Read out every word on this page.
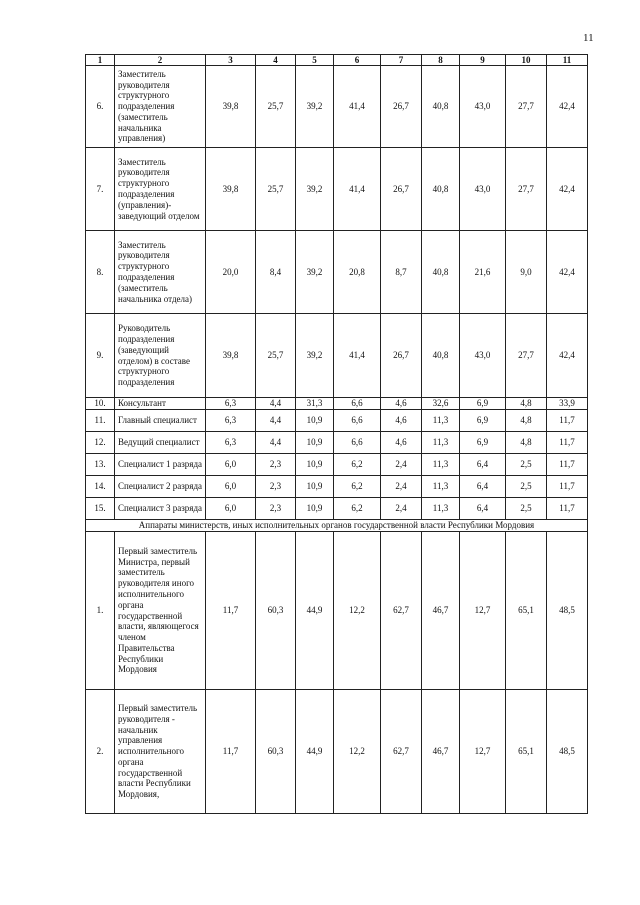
11
1	2	3	4	5	6	7	8	9	10	11
6.	Заместитель руководителя структурного подразделения (заместитель начальника управления)	39,8	25,7	39,2	41,4	26,7	40,8	43,0	27,7	42,4
7.	Заместитель руководителя структурного подразделения (управления)-заведующий отделом	39,8	25,7	39,2	41,4	26,7	40,8	43,0	27,7	42,4
8.	Заместитель руководителя структурного подразделения (заместитель начальника отдела)	20,0	8,4	39,2	20,8	8,7	40,8	21,6	9,0	42,4
9.	Руководитель подразделения (заведующий отделом) в составе структурного подразделения	39,8	25,7	39,2	41,4	26,7	40,8	43,0	27,7	42,4
10.	Консультант	6,3	4,4	31,3	6,6	4,6	32,6	6,9	4,8	33,9
11.	Главный специалист	6,3	4,4	10,9	6,6	4,6	11,3	6,9	4,8	11,7
12.	Ведущий специалист	6,3	4,4	10,9	6,6	4,6	11,3	6,9	4,8	11,7
13.	Специалист 1 разряда	6,0	2,3	10,9	6,2	2,4	11,3	6,4	2,5	11,7
14.	Специалист 2 разряда	6,0	2,3	10,9	6,2	2,4	11,3	6,4	2,5	11,7
15.	Специалист 3 разряда	6,0	2,3	10,9	6,2	2,4	11,3	6,4	2,5	11,7
Аппараты министерств, иных исполнительных органов государственной власти Республики Мордовия										
1.	Первый заместитель Министра, первый заместитель руководителя иного исполнительного органа государственной власти, являющегося членом Правительства Республики Мордовия	11,7	60,3	44,9	12,2	62,7	46,7	12,7	65,1	48,5
2.	Первый заместитель руководителя - начальник управления исполнительного органа государственной власти Республики Мордовия,	11,7	60,3	44,9	12,2	62,7	46,7	12,7	65,1	48,5
